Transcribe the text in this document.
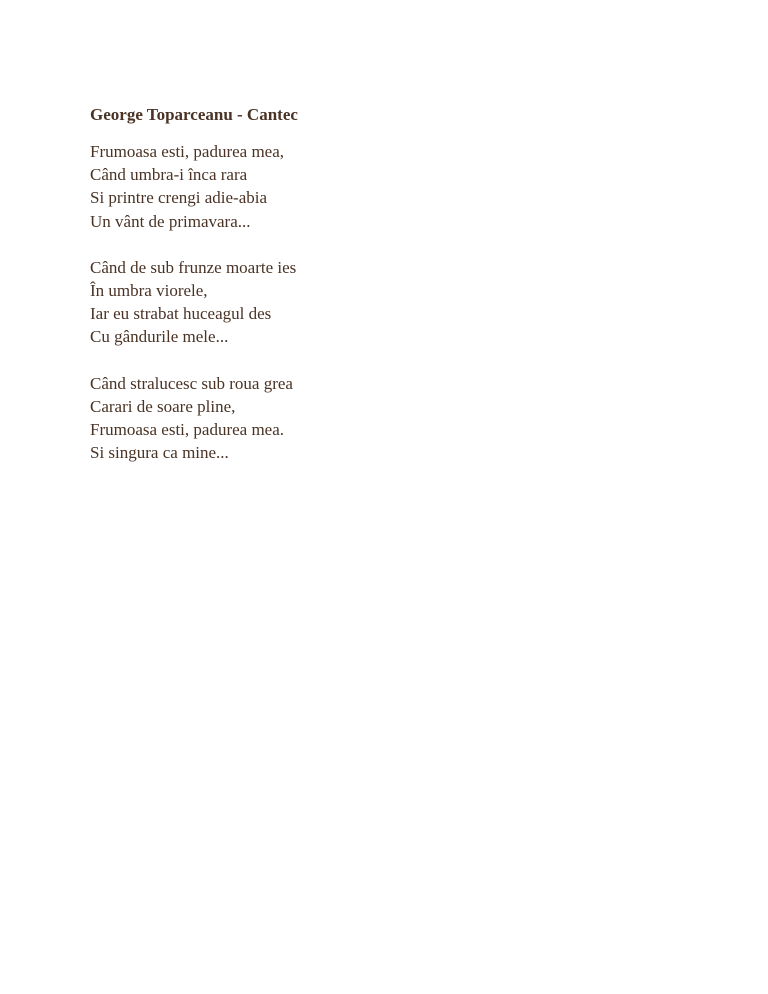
George Toparceanu - Cantec
Frumoasa esti, padurea mea,
Când umbra-i înca rara
Si printre crengi adie-abia
Un vânt de primavara...
Când de sub frunze moarte ies
În umbra viorele,
Iar eu strabat huceagul des
Cu gândurile mele...
Când stralucesc sub roua grea
Carari de soare pline,
Frumoasa esti, padurea mea.
Si singura ca mine...
